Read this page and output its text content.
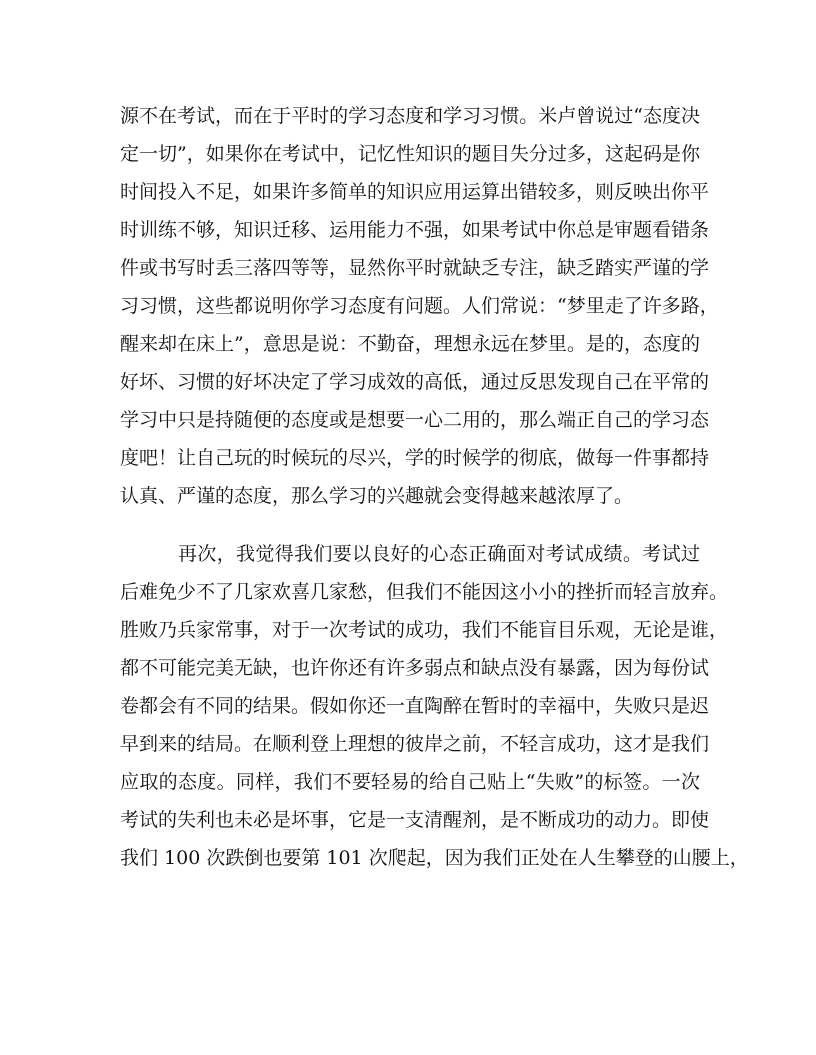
源不在考试，而在于平时的学习态度和学习习惯。米卢曾说过“态度决
定一切”，如果你在考试中，记忆性知识的题目失分过多，这起码是你
时间投入不足，如果许多简单的知识应用运算出错较多，则反映出你平
时训练不够，知识迁移、运用能力不强，如果考试中你总是审题看错条
件或书写时丢三落四等等，显然你平时就缺乏专注，缺乏踏实严谨的学
习习惯，这些都说明你学习态度有问题。人们常说：“梦里走了许多路，
醒来却在床上”，意思是说：不勤奋，理想永远在梦里。是的，态度的
好坏、习惯的好坏决定了学习成效的高低，通过反思发现自己在平常的
学习中只是持随便的态度或是想要一心二用的，那么端正自己的学习态
度吧！让自己玩的时候玩的尽兴，学的时候学的彻底，做每一件事都持
认真、严谨的态度，那么学习的兴趣就会变得越来越浓厚了。
再次，我觉得我们要以良好的心态正确面对考试成绩。考试过
后难免少不了几家欢喜几家愁，但我们不能因这小小的挫折而轻言放弃。
胜败乃兵家常事，对于一次考试的成功，我们不能盲目乐观，无论是谁，
都不可能完美无缺，也许你还有许多弱点和缺点没有暴露，因为每份试
卷都会有不同的结果。假如你还一直陶醉在暂时的幸福中，失败只是迟
早到来的结局。在顺利登上理想的彼岸之前，不轻言成功，这才是我们
应取的态度。同样，我们不要轻易的给自己贴上“失败”的标签。一次
考试的失利也未必是坏事，它是一支清醒剂，是不断成功的动力。即使
我们 100 次跌倒也要第 101 次爬起，因为我们正处在人生攀登的山腰上，
